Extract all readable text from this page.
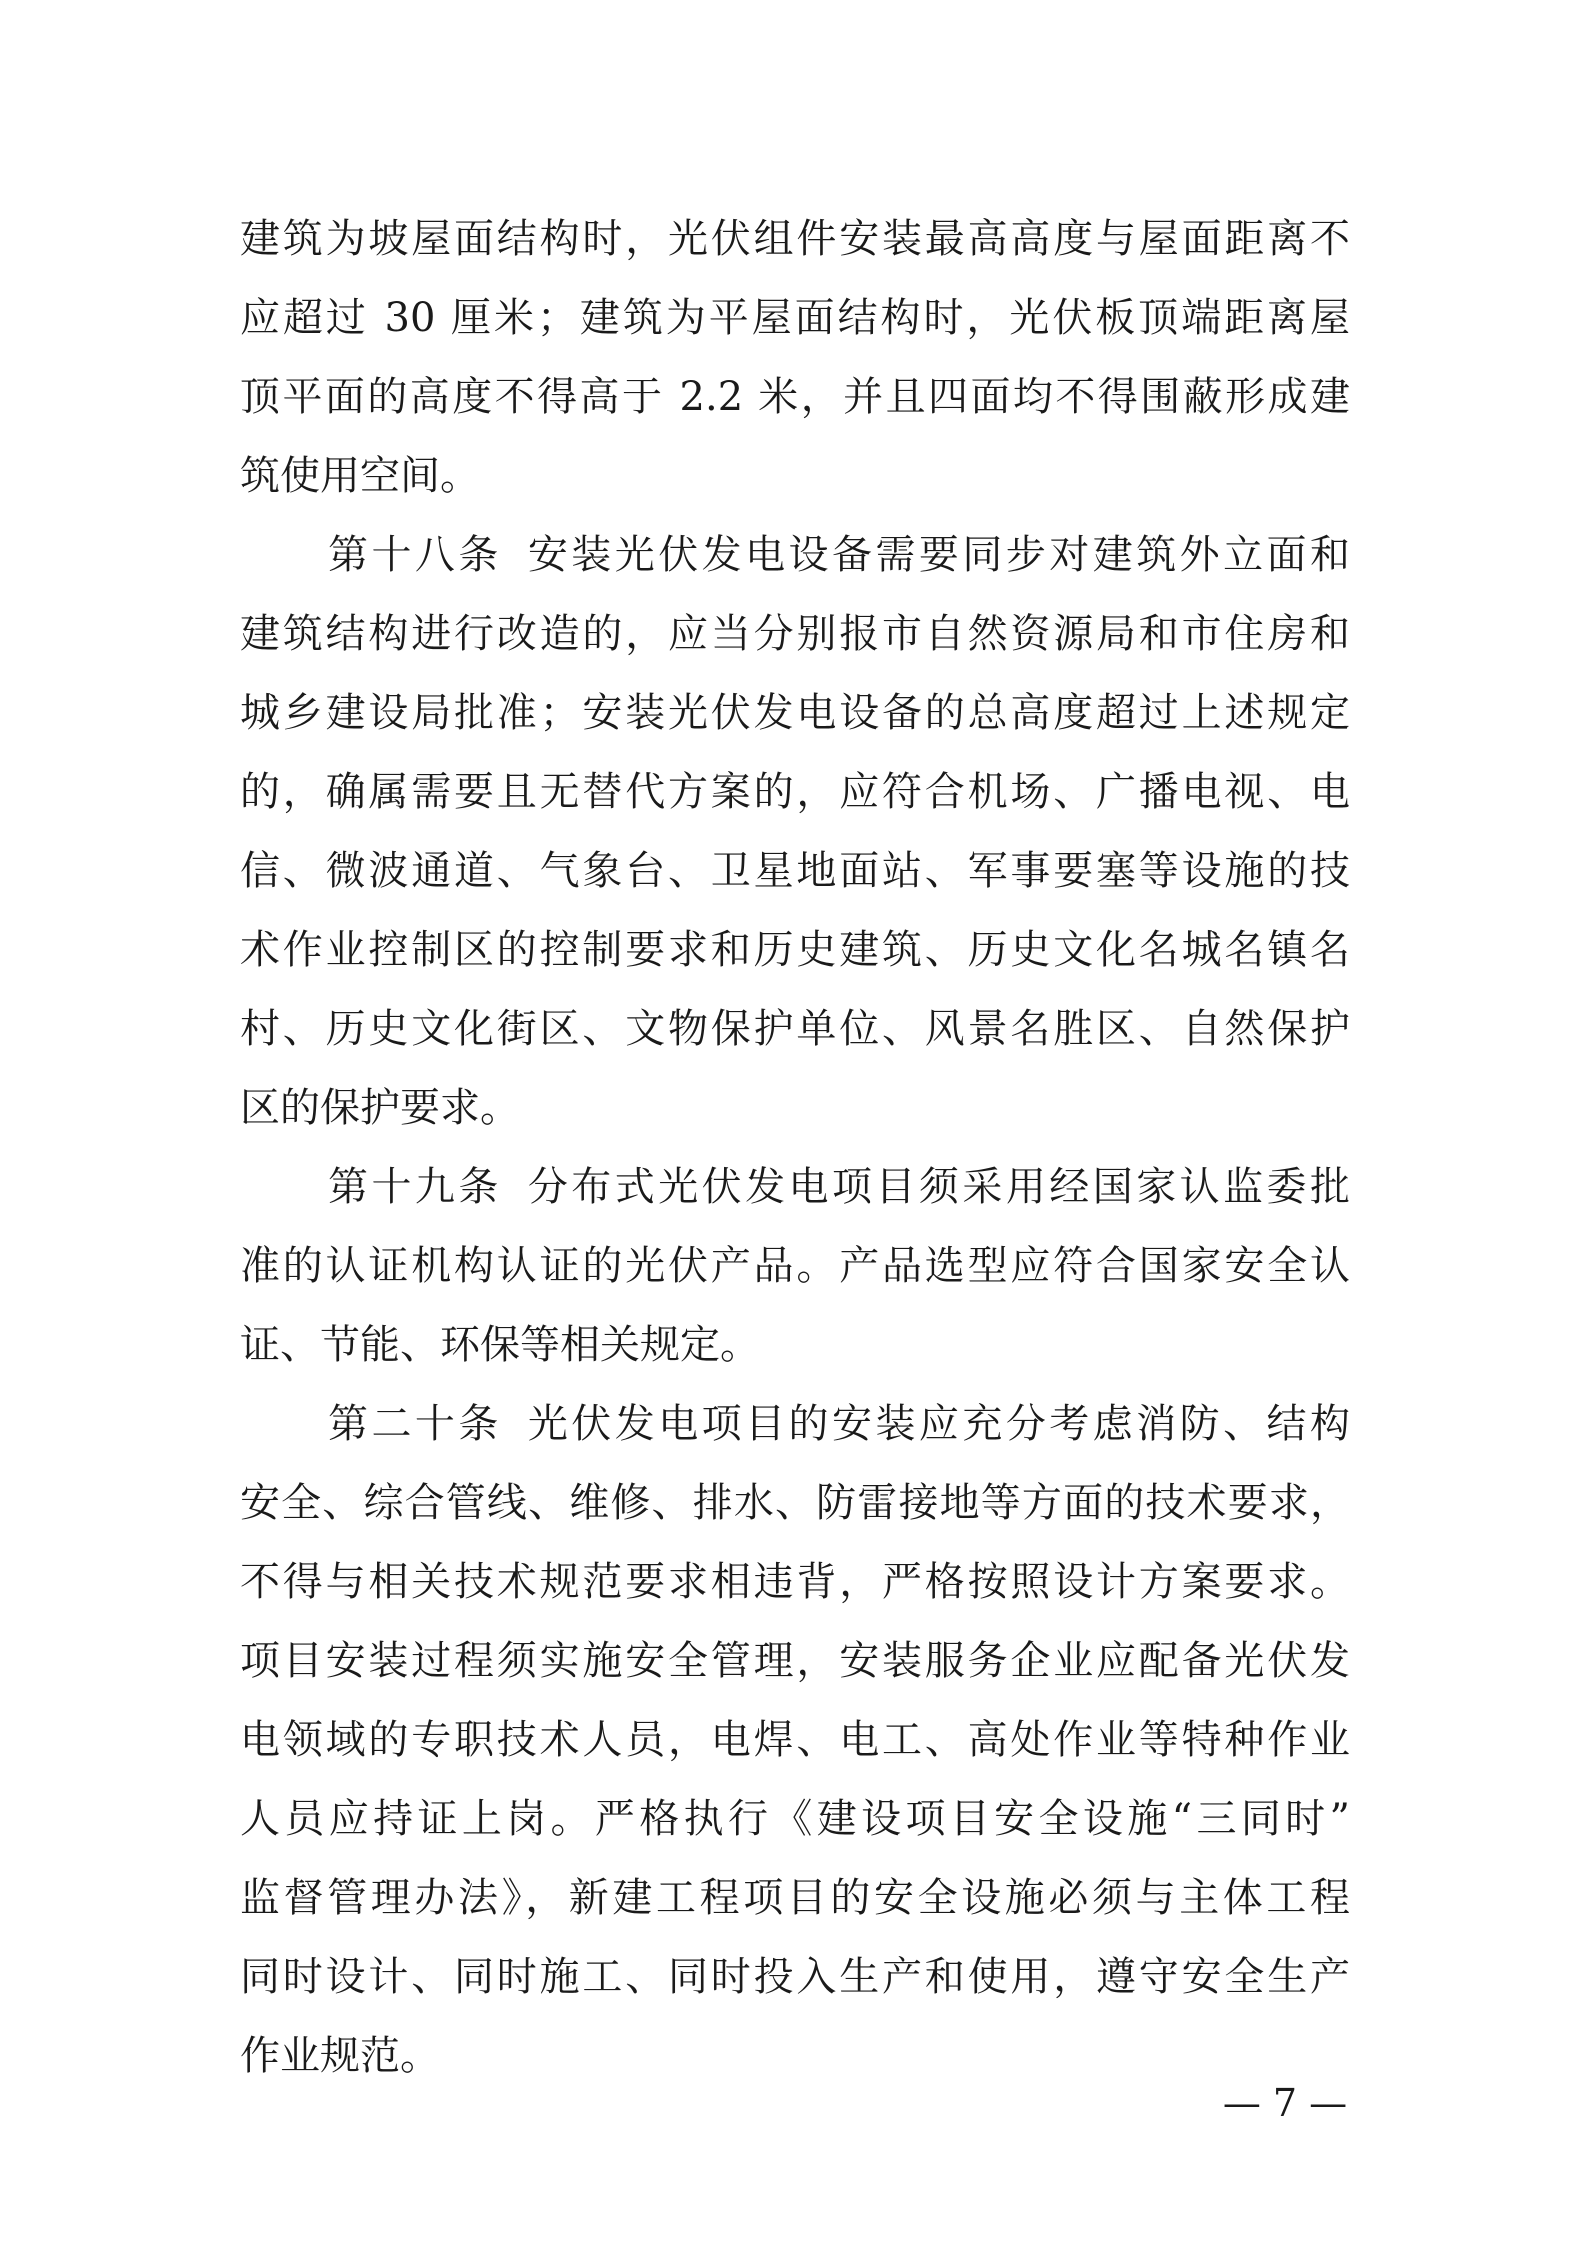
建筑为坡屋面结构时，光伏组件安装最高高度与屋面距离不
应超过 30 厘米；建筑为平屋面结构时，光伏板顶端距离屋
顶平面的高度不得高于 2.2 米，并且四面均不得围蔽形成建
筑使用空间。
第十八条 安装光伏发电设备需要同步对建筑外立面和
建筑结构进行改造的，应当分别报市自然资源局和市住房和
城乡建设局批准；安装光伏发电设备的总高度超过上述规定
的，确属需要且无替代方案的，应符合机场、广播电视、电
信、微波通道、气象台、卫星地面站、军事要塞等设施的技
术作业控制区的控制要求和历史建筑、历史文化名城名镇名
村、历史文化街区、文物保护单位、风景名胜区、自然保护
区的保护要求。
第十九条 分布式光伏发电项目须采用经国家认监委批
准的认证机构认证的光伏产品。产品选型应符合国家安全认
证、节能、环保等相关规定。
第二十条 光伏发电项目的安装应充分考虑消防、结构
安全、综合管线、维修、排水、防雷接地等方面的技术要求，
不得与相关技术规范要求相违背，严格按照设计方案要求。
项目安装过程须实施安全管理，安装服务企业应配备光伏发
电领域的专职技术人员，电焊、电工、高处作业等特种作业
人员应持证上岗。严格执行《建设项目安全设施“三同时”
监督管理办法》，新建工程项目的安全设施必须与主体工程
同时设计、同时施工、同时投入生产和使用，遵守安全生产
作业规范。
— 7 —
